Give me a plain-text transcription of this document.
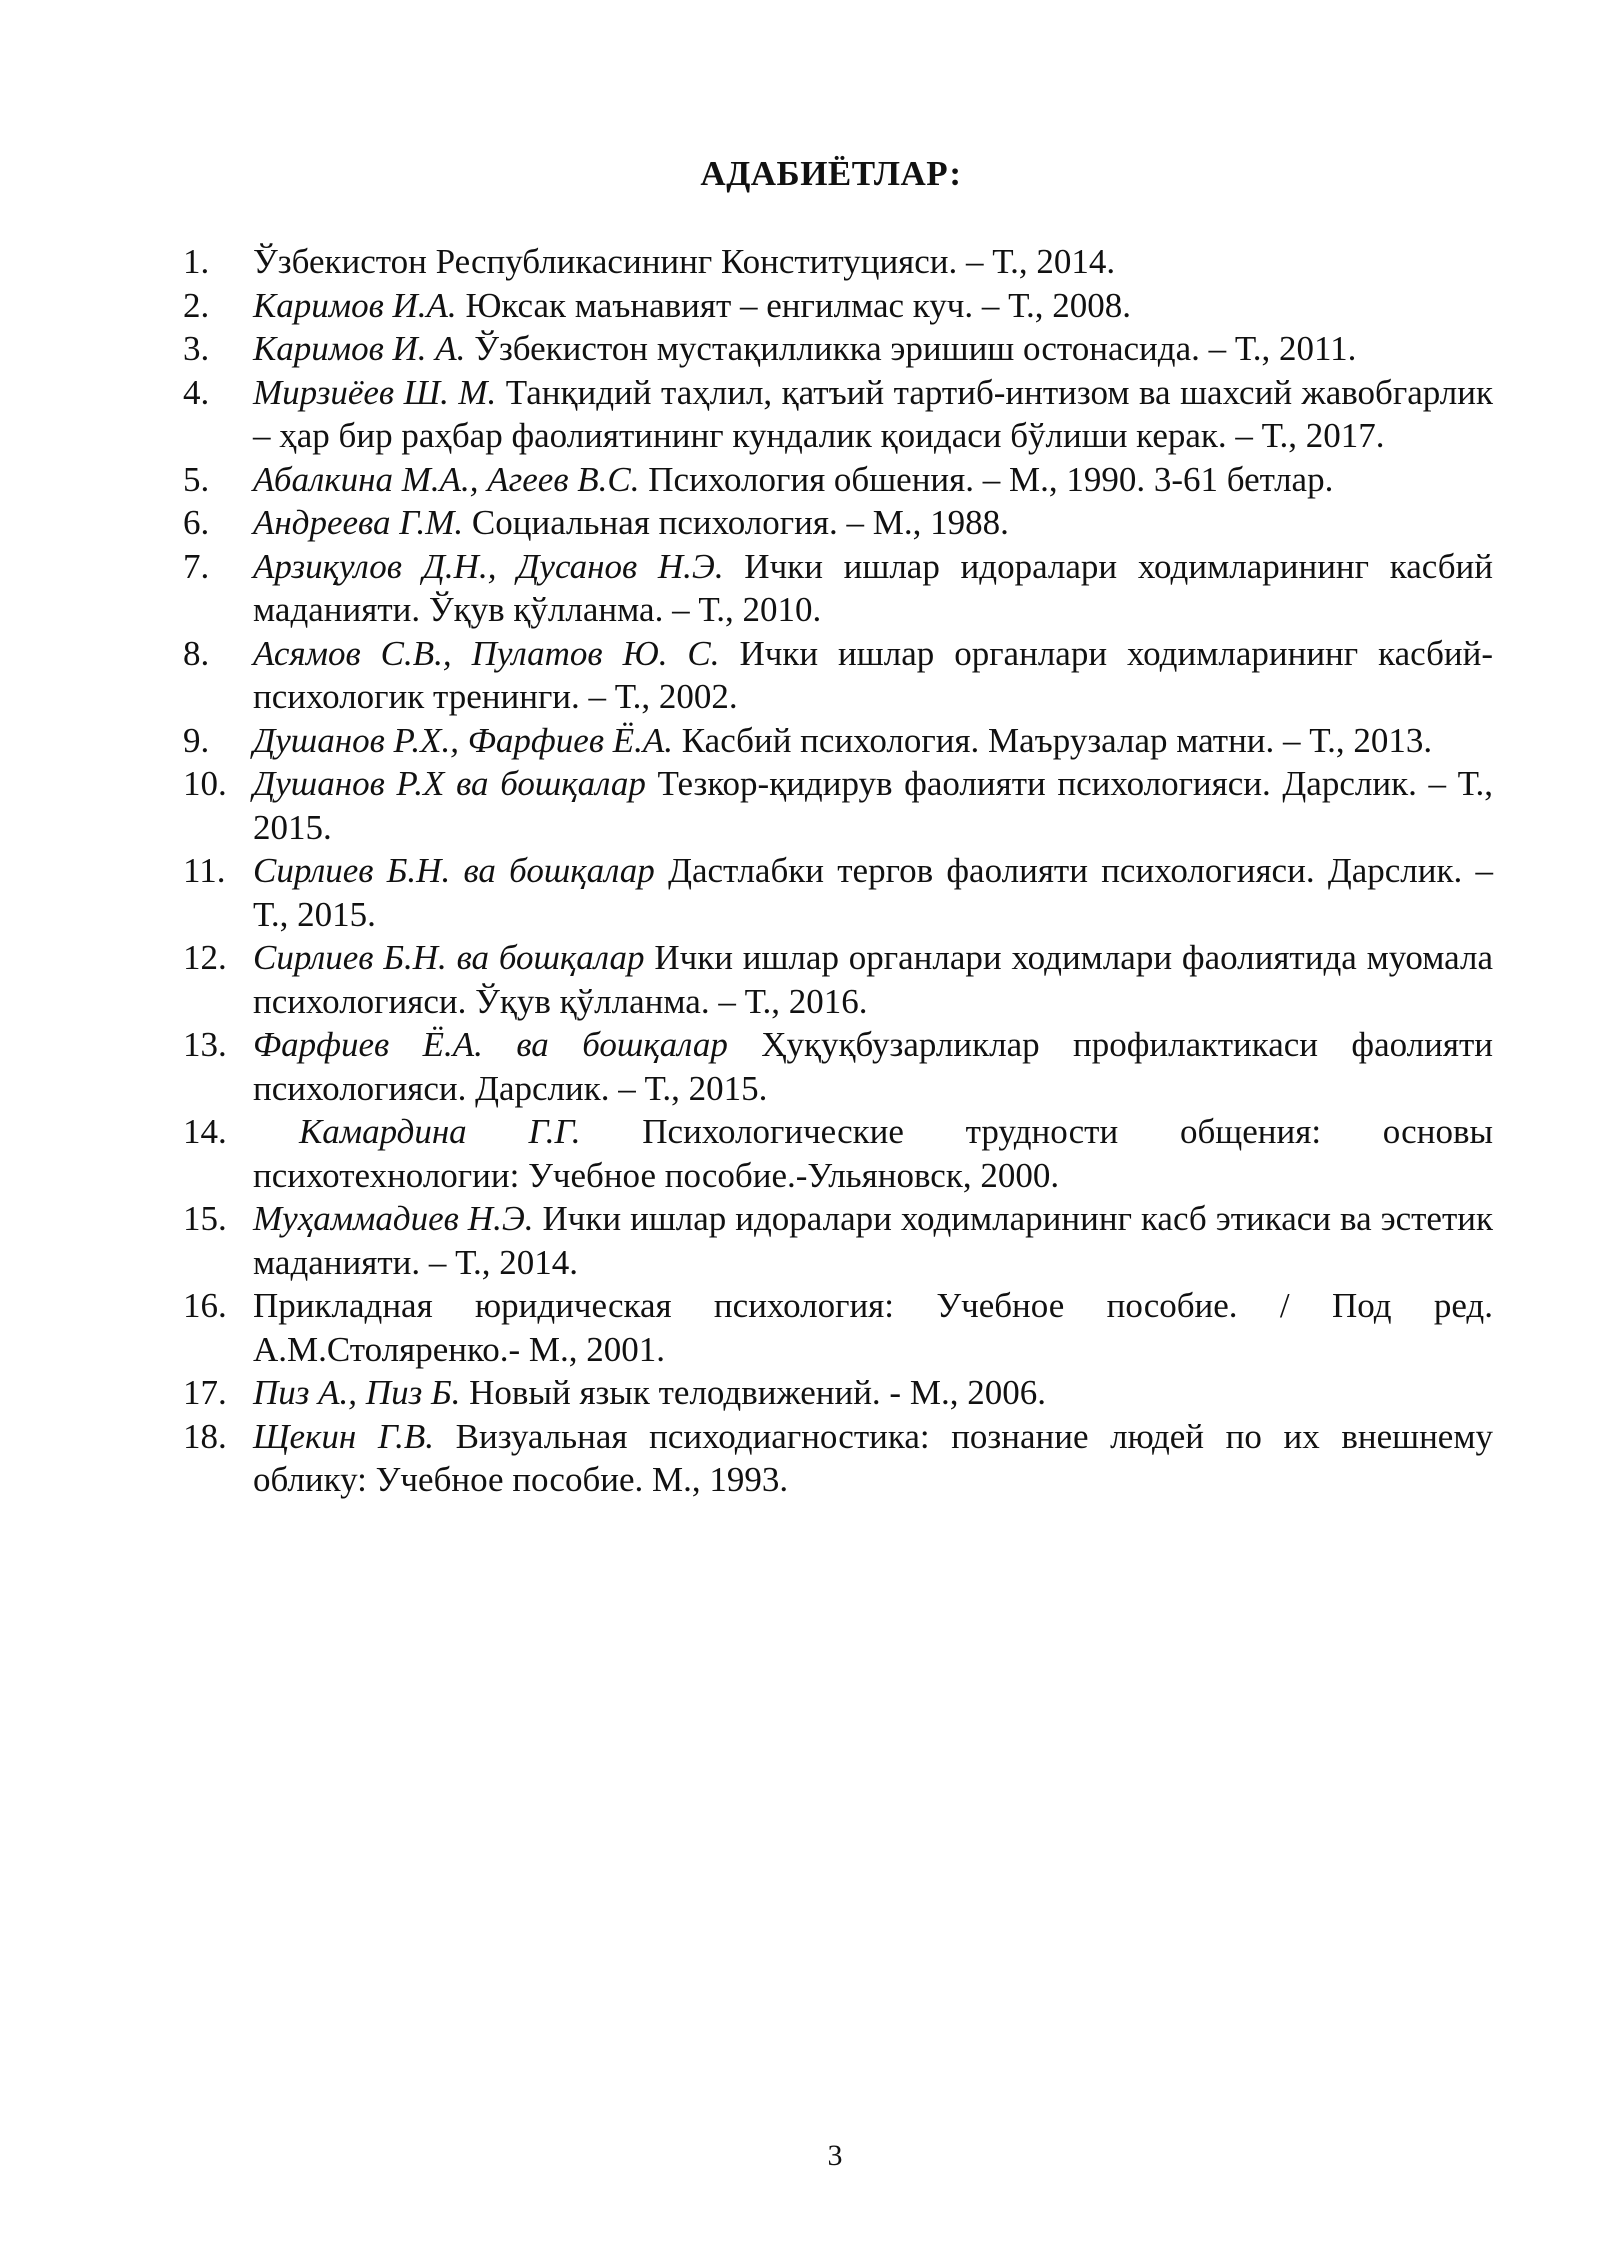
АДАБИЁТЛАР:
1.	Ўзбекистон Республикасининг Конституцияси. – Т., 2014.
2.	Каримов И.А. Юксак маънавият – енгилмас куч. – Т., 2008.
3.	Каримов И. А. Ўзбекистон мустақилликка эришиш остонасида. – Т., 2011.
4.	Мирзиёев Ш. М. Танқидий таҳлил, қатъий тартиб-интизом ва шахсий жавобгарлик – ҳар бир раҳбар фаолиятининг кундалик қоидаси бўлиши керак. – Т., 2017.
5.	Абалкина М.А., Агеев В.С. Психология обшения. – М., 1990. 3-61 бетлар.
6.	Андреева Г.М. Социальная психология. – М., 1988.
7.	Арзиқулов Д.Н., Дусанов Н.Э. Ички ишлар идоралари ходимларининг касбий маданияти. Ўқув қўлланма. – Т., 2010.
8.	Асямов С.В., Пулатов Ю. С. Ички ишлар органлари ходимларининг касбий-психологик тренинги. – Т., 2002.
9.	Душанов Р.Х., Фарфиев Ё.А. Касбий психология. Маърузалар матни. – Т., 2013.
10. Душанов Р.Х ва бошқалар Тезкор-қидирув фаолияти психологияси. Дарслик. – Т., 2015.
11. Сирлиев Б.Н. ва бошқалар Дастлабки тергов фаолияти психологияси. Дарслик. – Т., 2015.
12. Сирлиев Б.Н. ва бошқалар Ички ишлар органлари ходимлари фаолиятида муомала психологияси. Ўқув қўлланма. – Т., 2016.
13. Фарфиев Ё.А. ва бошқалар Ҳуқуқбузарликлар профилактикаси фаолияти психологияси. Дарслик. – Т., 2015.
14.	Камардина Г.Г. Психологические трудности общения: основы психотехнологии: Учебное пособие.-Ульяновск, 2000.
15. Муҳаммадиев Н.Э. Ички ишлар идоралари ходимларининг касб этикаси ва эстетик маданияти. – Т., 2014.
16. Прикладная юридическая психология: Учебное пособие. / Под ред. А.М.Столяренко.- М., 2001.
17. Пиз А., Пиз Б. Новый язык телодвижений. - М., 2006.
18. Щекин Г.В. Визуальная психодиагностика: познание людей по их внешнему облику: Учебное пособие. М., 1993.
3
